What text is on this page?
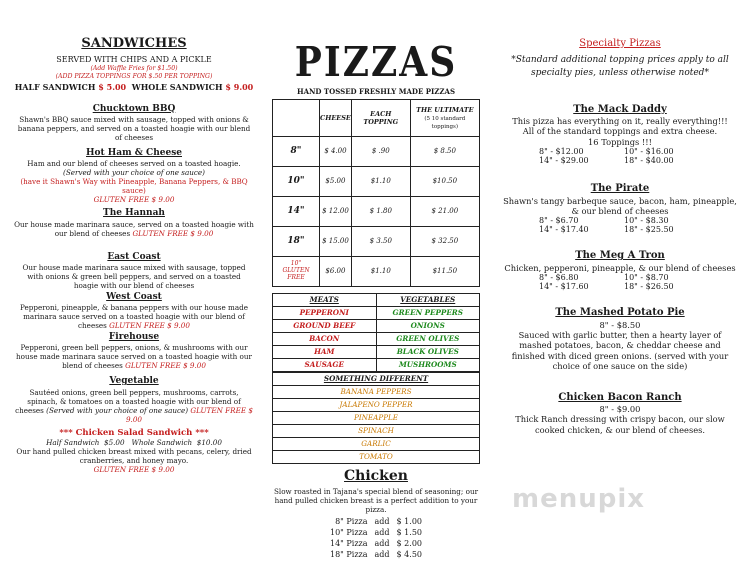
SANDWICHES

SERVED WITH CHIPS AND A PICKLE

(Add Waffle Fries for $1.50)

(ADD PIZZA TOPPINGS FOR $.50 PER TOPPING)

HALF SANDWICH $ 5.00 WHOLE SANDWICH $ 9.00

Chucktown BBQ

Shawn's BBQ sauce mixed with sausage, topped with onions & banana peppers, and served on a toasted hoagie with our blend of cheeses

Hot Ham & Cheese

Ham and our blend of cheeses served on a toasted hoagie. (Served with your choice of one sauce)

(have it Shawn's Way with Pineapple, Banana Peppers, & BBQ sauce)

GLUTEN FREE $ 9.00

The Hannah

Our house made marinara sauce, served on a toasted hoagie with our blend of cheeses GLUTEN FREE $ 9.00

East Coast

Our house made marinara sauce mixed with sausage, topped with onions & green bell peppers, and served on a toasted hoagie with our blend of cheeses

West Coast

Pepperoni, pineapple, & banana peppers with our house made marinara sauce served on a toasted hoagie with our blend of cheeses GLUTEN FREE $ 9.00

Firehouse

Pepperoni, green bell peppers, onions, & mushrooms with our house made marinara sauce served on a toasted hoagie with our blend of cheeses GLUTEN FREE $ 9.00

Vegetable

Sautéed onions, green bell peppers, mushrooms, carrots, spinach, & tomatoes on a toasted hoagie with our blend of cheeses (Served with your choice of one sauce) GLUTEN FREE $ 9.00

*** Chicken Salad Sandwich ***

Half Sandwich $5.00 Whole Sandwich $10.00

Our hand pulled chicken breast mixed with pecans, celery, dried cranberries, and honey mayo.

GLUTEN FREE $ 9.00

PIZZAS

HAND TOSSED FRESHLY MADE PIZZAS

	CHEESE	EACH TOPPING	THE ULTIMATE
(5 10 standard toppings)
8"	$ 4.00	$ .90	$ 8.50
10"	$5.00	$1.10	$10.50
14"	$ 12.00	$ 1.80	$ 21.00
18"	$ 15.00	$ 3.50	$ 32.50
10"
GLUTEN FREE	$6.00	$1.10	$11.50
MEATS	VEGETABLES
PEPPERONI	GREEN PEPPERS
GROUND BEEF	ONIONS
BACON	GREEN OLIVES
HAM	BLACK OLIVES
SAUSAGE	MUSHROOMS
SOMETHING DIFFERENT
BANANA PEPPERS
JALAPENO PEPPER
PINEAPPLE
SPINACH
GARLIC
TOMATO

Chicken

Slow roasted in Tajana's special blend of seasoning; our hand pulled chicken breast is a perfect addition to your pizza.

8" Pizza	add	$ 1.00
10" Pizza	add	$ 1.50
14" Pizza	add	$ 2.00
18" Pizza	add	$ 4.50

Specialty Pizzas

*Standard additional topping prices apply to all specialty pies, unless otherwise noted*

The Mack Daddy

This pizza has everything on it, really everything!!!

All of the standard toppings and extra cheese.

16 Toppings !!!

8" - $12.00	10" - $16.00
14" - $29.00	18" - $40.00

The Pirate

Shawn's tangy barbeque sauce, bacon, ham, pineapple, & our blend of cheeses

8" - $6.70	10" - $8.30
14" - $17.40	18" - $25.50

The Meg A Tron

Chicken, pepperoni, pineapple, & our blend of cheeses

8" - $6.80	10" - $8.70
14" - $17.60	18" - $26.50

The Mashed Potato Pie

8" - $8.50

Sauced with garlic butter, then a hearty layer of mashed potatoes, bacon, & cheddar cheese and finished with diced green onions. (served with your choice of one sauce on the side)

Chicken Bacon Ranch

8" - $9.00

Thick Ranch dressing with crispy bacon, our slow cooked chicken, & our blend of cheeses.

menupix
